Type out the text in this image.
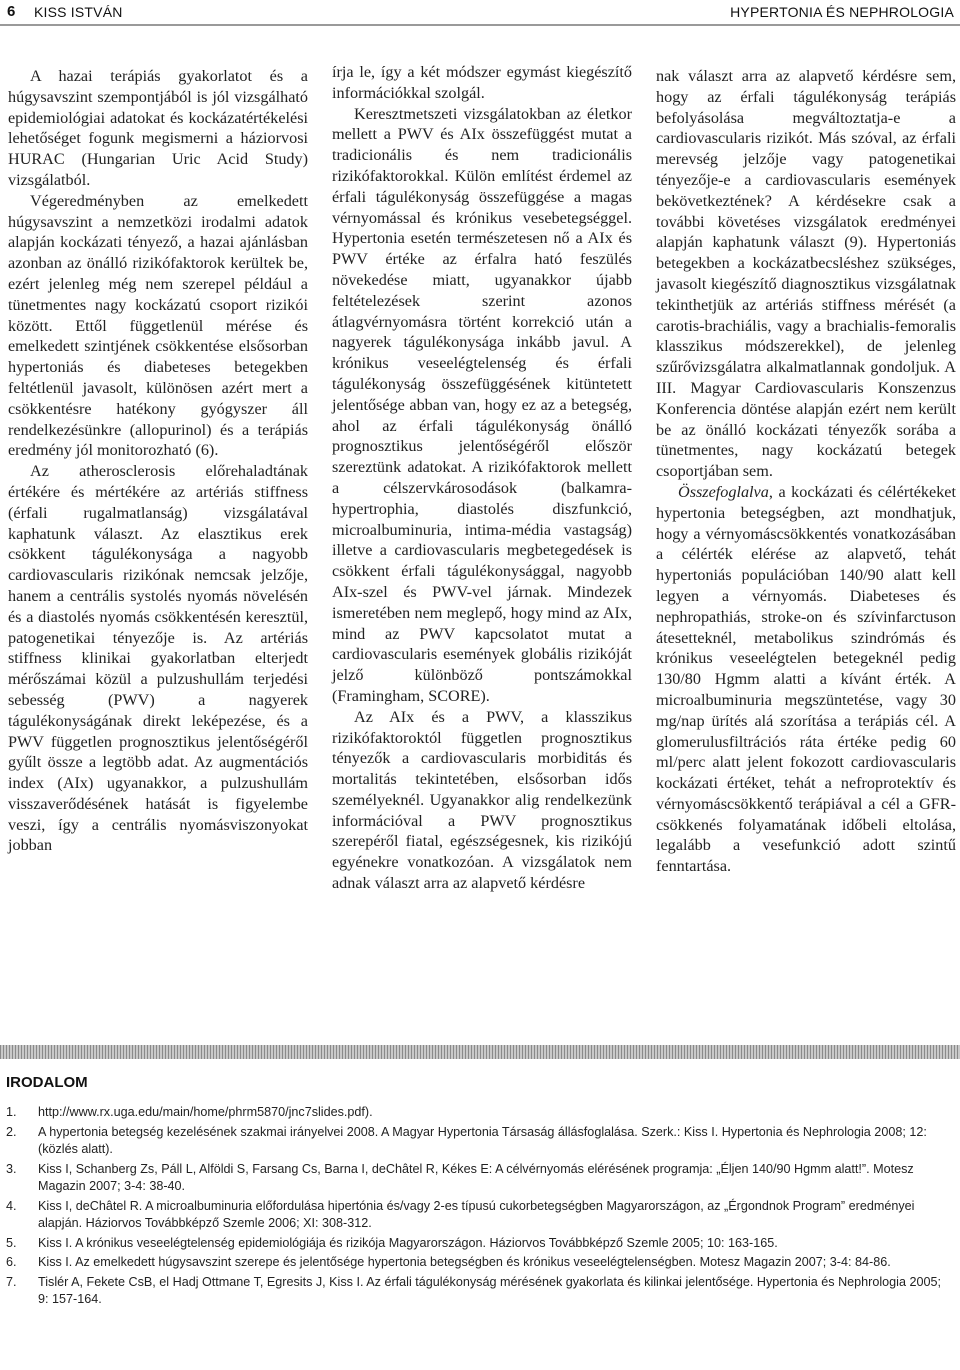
6 KISS ISTVÁN	HYPERTONIA ÉS NEPHROLOGIA

A hazai terápiás gyakorlatot és a húgysavszint szempontjából is jól vizsgálható epidemiológiai adatokat és kockázatértékelési lehetőséget fogunk megismerni a háziorvosi HURAC (Hungarian Uric Acid Study) vizsgálatból.

Végeredményben az emelkedett húgysavszint a nemzetközi irodalmi adatok alapján kockázati tényező, a hazai ajánlásban azonban az önálló rizikófaktorok kerültek be, ezért jelenleg még nem szerepel például a tünetmentes nagy kockázatú csoport rizikói között. Ettől függetlenül mérése és emelkedett szintjének csökkentése elsősorban hypertoniás és diabeteses betegekben feltétlenül javasolt, különösen azért mert a csökkentésre hatékony gyógyszer áll rendelkezésünkre (allopurinol) és a terápiás eredmény jól monitorozható (6).

Az atherosclerosis előrehaladtának értékére és mértékére az artériás stiffness (érfali rugalmatlanság) vizsgálatával kaphatunk választ. Az elasztikus erek csökkent tágulékonysága a nagyobb cardiovascularis rizikónak nemcsak jelzője, hanem a centrális systolés nyomás növelésén és a diastolés nyomás csökkentésén keresztül, patogenetikai tényezője is. Az artériás stiffness klinikai gyakorlatban elterjedt mérőszámai közül a pulzushullám terjedési sebesség (PWV) a nagyerek tágulékonyságának direkt leképezése, és a PWV független prognosztikus jelentőségéről gyűlt össze a legtöbb adat. Az augmentációs index (AIx) ugyanakkor, a pulzushullám visszaverődésének hatását is figyelembe veszi, így a centrális nyomásviszonyokat jobban

írja le, így a két módszer egymást kiegészítő információkkal szolgál.

Keresztmetszeti vizsgálatokban az életkor mellett a PWV és AIx összefüggést mutat a tradicionális és nem tradicionális rizikófaktorokkal. Külön említést érdemel az érfali tágulékonyság összefüggése a magas vérnyomással és krónikus vesebetegséggel. Hypertonia esetén természetesen nő a AIx és PWV értéke az érfalra ható feszülés növekedése miatt, ugyanakkor újabb feltételezések szerint azonos átlagvérnyomásra történt korrekció után a nagyerek tágulékonysága inkább javul. A krónikus veseelégtelenség és érfali tágulékonyság összefüggésének kitüntetett jelentősége abban van, hogy ez az a betegség, ahol az érfali tágulékonyság önálló prognosztikus jelentőségéről először szereztünk adatokat. A rizikófaktorok mellett a célszervkárosodások (balkamra-hypertrophia, diastolés diszfunkció, microalbuminuria, intima-média vastagság) illetve a cardiovascularis megbetegedések is csökkent érfali tágulékonysággal, nagyobb AIx-szel és PWV-vel járnak. Mindezek ismeretében nem meglepő, hogy mind az AIx, mind az PWV kapcsolatot mutat a cardiovascularis események globális rizikóját jelző különböző pontszámokkal (Framingham, SCORE).

Az AIx és a PWV, a klasszikus rizikófaktoroktól független prognosztikus tényezők a cardiovascularis morbiditás és mortalitás tekintetében, elsősorban idős személyeknél. Ugyanakkor alig rendelkezünk információval a PWV prognosztikus szerepéről fiatal, egészségesnek, kis rizikójú egyénekre vonatkozóan. A vizsgálatok nem adnak választ arra az alapvető kérdésre

nak választ arra az alapvető kérdésre sem, hogy az érfali tágulékonyság terápiás befolyásolása megváltoztatja-e a cardiovascularis rizikót. Más szóval, az érfali merevség jelzője vagy patogenetikai tényezője-e a cardiovascularis események bekövetkeztének? A kérdésekre csak a további követéses vizsgálatok eredményei alapján kaphatunk választ (9). Hypertoniás betegekben a kockázatbecsléshez szükséges, javasolt kiegészítő diagnosztikus vizsgálatnak tekinthetjük az artériás stiffness mérését (a carotis-brachiális, vagy a brachialis-femoralis klasszikus módszerekkel), de jelenleg szűrővizsgálatra alkalmatlannak gondoljuk. A III. Magyar Cardiovascularis Konszenzus Konferencia döntése alapján ezért nem került be az önálló kockázati tényezők sorába a tünetmentes, nagy kockázatú betegek csoportjában sem.

Összefoglalva, a kockázati és célértékeket hypertonia betegségben, azt mondhatjuk, hogy a vérnyomáscsökkentés vonatkozásában a célérték elérése az alapvető, tehát hypertoniás populációban 140/90 alatt kell legyen a vérnyomás. Diabeteses és nephropathiás, stroke-on és szívinfarctuson átesetteknél, metabolikus szindrómás és krónikus veseelégtelen betegeknél pedig 130/80 Hgmm alatti a kívánt érték. A microalbuminuria megszüntetése, vagy 30 mg/nap ürítés alá szorítása a terápiás cél. A glomerulusfiltrációs ráta értéke pedig 60 ml/perc alatt jelent fokozott cardiovascularis kockázati értéket, tehát a nefroprotektív és vérnyomáscsökkentő terápiával a cél a GFR-csökkenés folyamatának időbeli eltolása, legalább a vesefunkció adott szintű fenntartása.

IRODALOM
1. http://www.rx.uga.edu/main/home/phrm5870/jnc7slides.pdf).
2. A hypertonia betegség kezelésének szakmai irányelvei 2008. A Magyar Hypertonia Társaság állásfoglalása. Szerk.: Kiss I. Hypertonia és Nephrologia 2008; 12: (közlés alatt).
3. Kiss I, Schanberg Zs, Páll L, Alföldi S, Farsang Cs, Barna I, deChâtel R, Kékes E: A célvérnyomás elérésének programja: „Éljen 140/90 Hgmm alatt!”. Motesz Magazin 2007; 3-4: 38-40.
4. Kiss I, deChâtel R. A microalbuminuria előfordulása hipertónia és/vagy 2-es típusú cukorbetegségben Magyarországon, az „Érgondnok Program” eredményei alapján. Háziorvos Továbbképző Szemle 2006; XI: 308-312.
5. Kiss I. A krónikus veseelégtelenség epidemiológiája és rizikója Magyarországon. Háziorvos Továbbképző Szemle 2005; 10: 163-165.
6. Kiss I. Az emelkedett húgysavszint szerepe és jelentősége hypertonia betegségben és krónikus veseelégtelenségben. Motesz Magazin 2007; 3-4: 84-86.
7. Tislér A, Fekete CsB, el Hadj Ottmane T, Egresits J, Kiss I. Az érfali tágulékonyság mérésének gyakorlata és kilinkai jelentősége. Hypertonia és Nephrologia 2005; 9: 157-164.
